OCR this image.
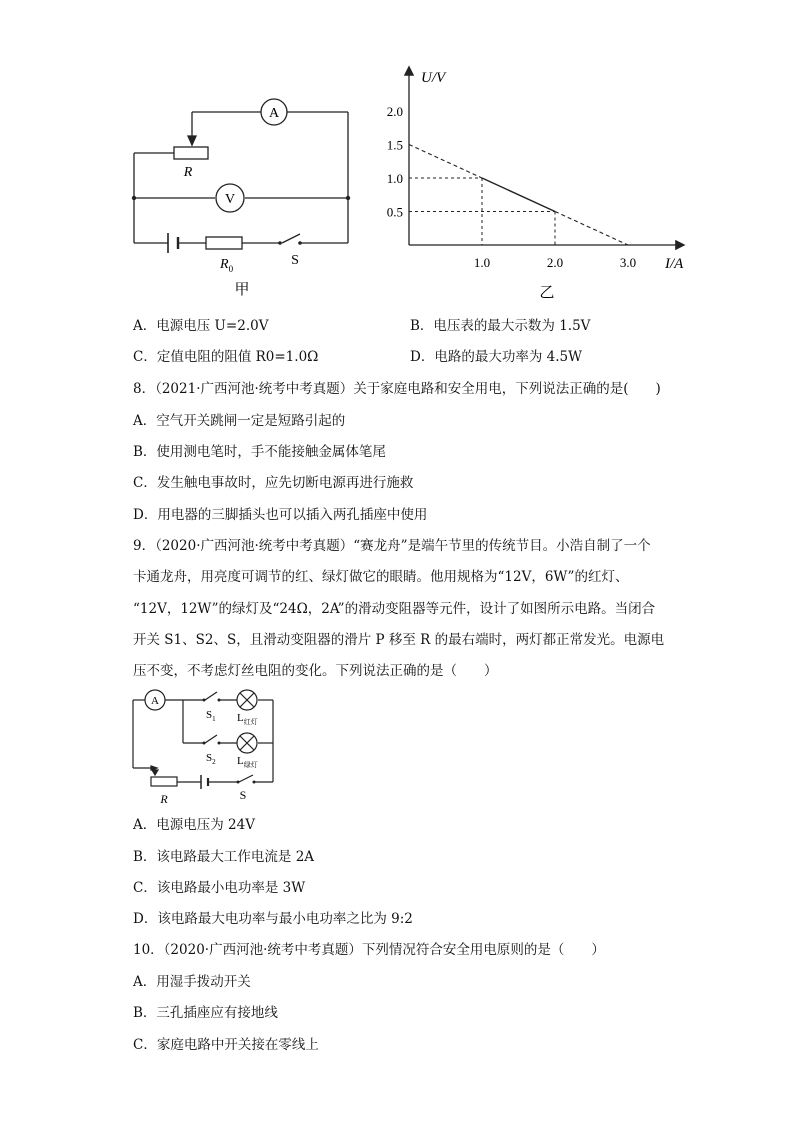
A
V
R
$R_0$
S
甲
U/V
I/A
2.0
1.5
1.0
0.5
1.0	2.0	3.0
乙
A．电源电压 U=2.0V	B．电压表的最大示数为 1.5V
C．定值电阻的阻值 R0=1.0Ω	D．电路的最大功率为 4.5W
8．（2021·广西河池·统考中考真题）关于家庭电路和安全用电，下列说法正确的是(　　)
A．空气开关跳闸一定是短路引起的
B．使用测电笔时，手不能接触金属体笔尾
C．发生触电事故时，应先切断电源再进行施救
D．用电器的三脚插头也可以插入两孔插座中使用
9．（2020·广西河池·统考中考真题）“赛龙舟”是端午节里的传统节目。小浩自制了一个
卡通龙舟，用亮度可调节的红、绿灯做它的眼睛。他用规格为“12V，6W”的红灯、
“12V，12W”的绿灯及“24Ω，2A”的滑动变阻器等元件，设计了如图所示电路。当闭合
开关 S1、S2、S，且滑动变阻器的滑片 P 移至 R 的最右端时，两灯都正常发光。电源电
压不变，不考虑灯丝电阻的变化。下列说法正确的是（　　）
A
$S_1$
$S_2$
$L_{红灯}$
$L_{绿灯}$
R	S
A．电源电压为 24V
B．该电路最大工作电流是 2A
C．该电路最小电功率是 3W
D．该电路最大电功率与最小电功率之比为 9:2
10．（2020·广西河池·统考中考真题）下列情况符合安全用电原则的是（　　）
A．用湿手拨动开关
B．三孔插座应有接地线
C．家庭电路中开关接在零线上
